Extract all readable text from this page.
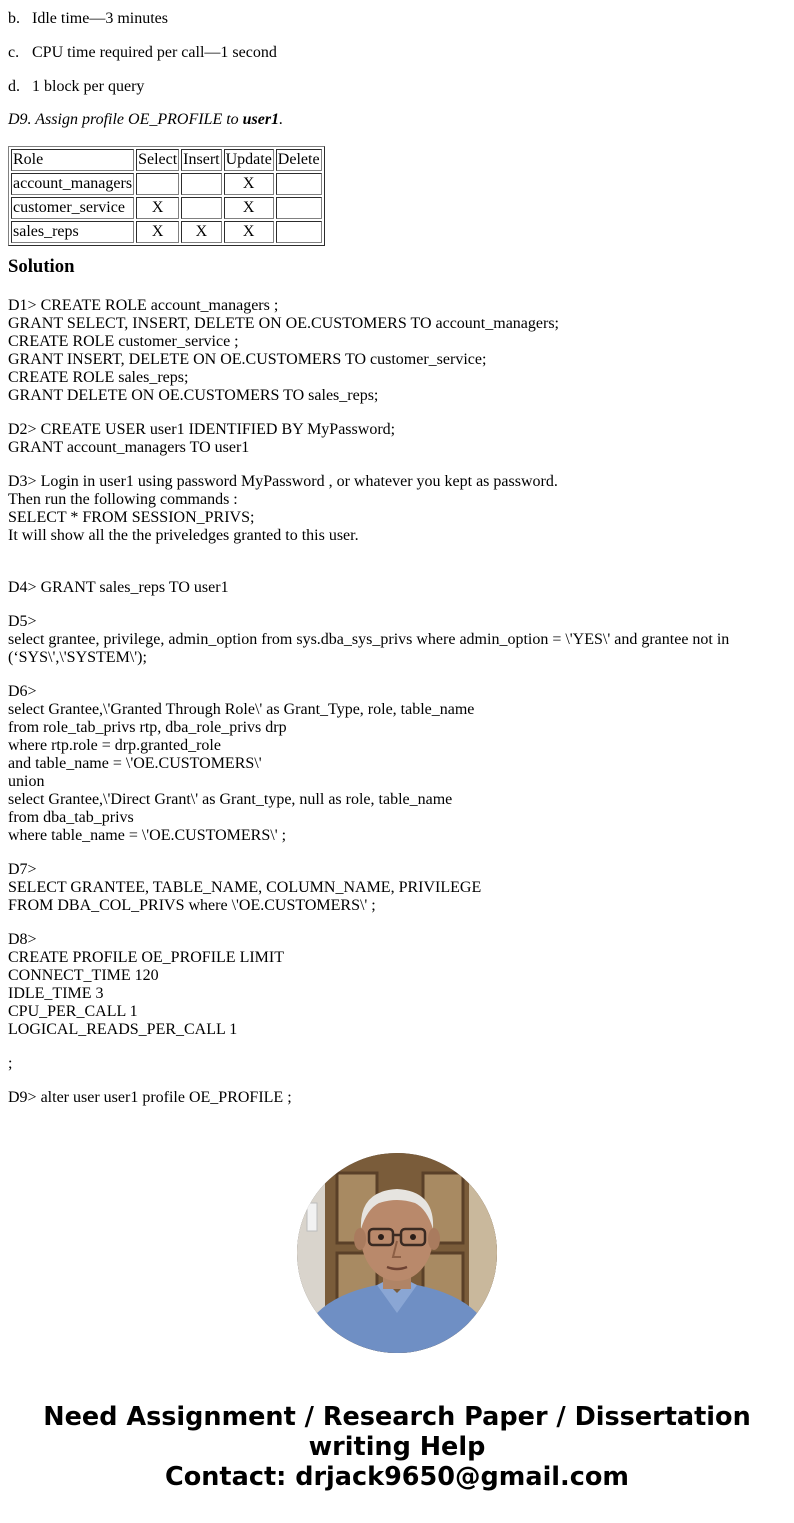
b. Idle time—3 minutes
c. CPU time required per call—1 second
d. 1 block per query
D9. Assign profile OE_PROFILE to user1.
Role	Select	Insert	Update	Delete
account_managers			X	
customer_service	X		X	
sales_reps	X	X	X	
Solution
D1> CREATE ROLE account_managers ;
GRANT SELECT, INSERT, DELETE ON OE.CUSTOMERS TO account_managers;
CREATE ROLE customer_service ;
GRANT INSERT, DELETE ON OE.CUSTOMERS TO customer_service;
CREATE ROLE sales_reps;
GRANT DELETE ON OE.CUSTOMERS TO sales_reps;
D2> CREATE USER user1 IDENTIFIED BY MyPassword;
GRANT account_managers TO user1
D3> Login in user1 using password MyPassword , or whatever you kept as password.
Then run the following commands :
SELECT * FROM SESSION_PRIVS;
It will show all the the priveledges granted to this user.
D4> GRANT sales_reps TO user1
D5>
select grantee, privilege, admin_option from sys.dba_sys_privs where admin_option = \'YES\' and grantee not in (‘SYS\',\'SYSTEM\');
D6>
select Grantee,\'Granted Through Role\' as Grant_Type, role, table_name
from role_tab_privs rtp, dba_role_privs drp
where rtp.role = drp.granted_role
and table_name = \'OE.CUSTOMERS\'
union
select Grantee,\'Direct Grant\' as Grant_type, null as role, table_name
from dba_tab_privs
where table_name = \'OE.CUSTOMERS\' ;
D7>
SELECT GRANTEE, TABLE_NAME, COLUMN_NAME, PRIVILEGE
FROM DBA_COL_PRIVS where \'OE.CUSTOMERS\' ;
D8>
CREATE PROFILE OE_PROFILE LIMIT
CONNECT_TIME 120
IDLE_TIME 3
CPU_PER_CALL 1
LOGICAL_READS_PER_CALL 1
;
D9> alter user user1 profile OE_PROFILE ;
Need Assignment / Research Paper / Dissertation
writing Help
Contact: drjack9650@gmail.com
